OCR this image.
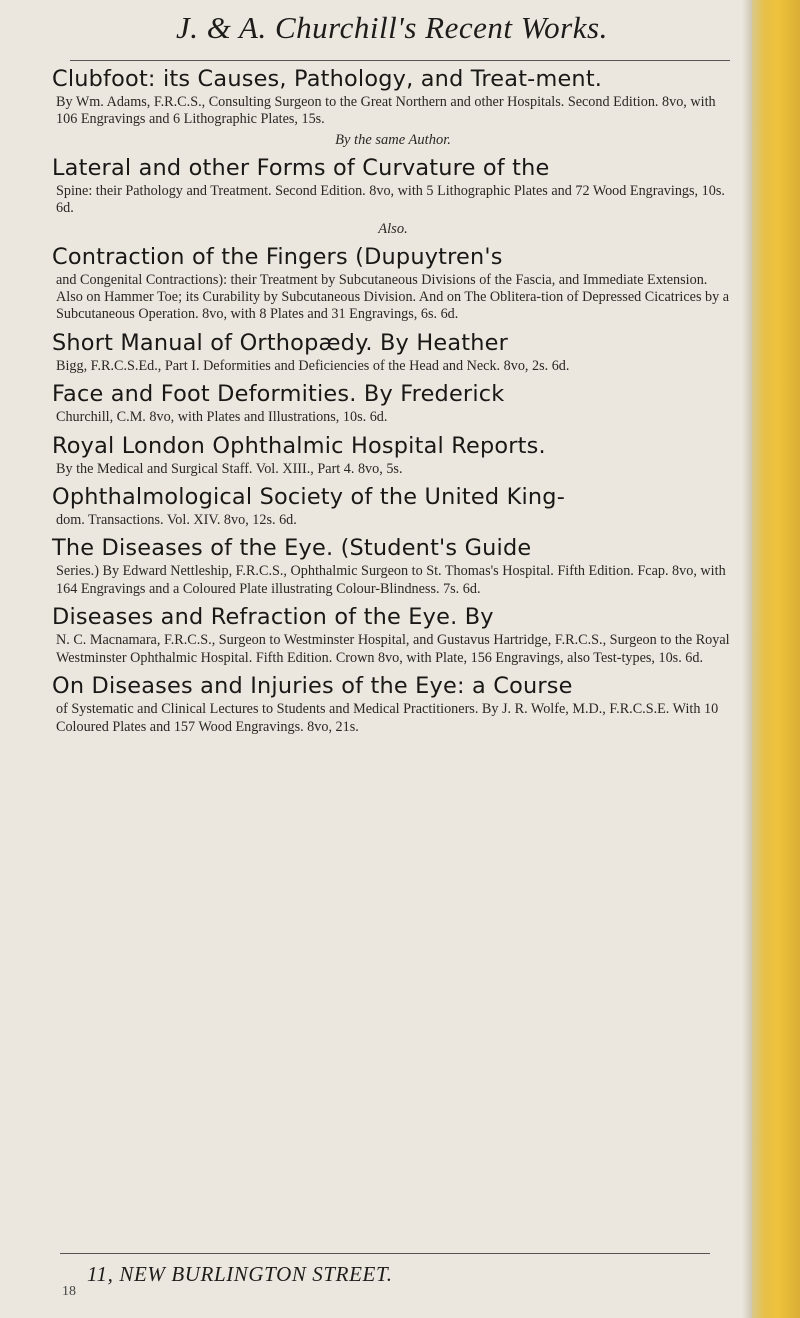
J. & A. Churchill's Recent Works.
Clubfoot: its Causes, Pathology, and Treat-ment.
By Wm. Adams, F.R.C.S., Consulting Surgeon to the Great Northern and other Hospitals. Second Edition. 8vo, with 106 Engravings and 6 Lithographic Plates, 15s.
By the same Author.
Lateral and other Forms of Curvature of the
Spine: their Pathology and Treatment. Second Edition. 8vo, with 5 Lithographic Plates and 72 Wood Engravings, 10s. 6d.
Also.
Contraction of the Fingers (Dupuytren's
and Congenital Contractions): their Treatment by Subcutaneous Divisions of the Fascia, and Immediate Extension. Also on Hammer Toe; its Curability by Subcutaneous Division. And on The Oblitera-tion of Depressed Cicatrices by a Subcutaneous Operation. 8vo, with 8 Plates and 31 Engravings, 6s. 6d.
Short Manual of Orthopædy. By Heather
Bigg, F.R.C.S.Ed., Part I. Deformities and Deficiencies of the Head and Neck. 8vo, 2s. 6d.
Face and Foot Deformities. By Frederick
Churchill, C.M. 8vo, with Plates and Illustrations, 10s. 6d.
Royal London Ophthalmic Hospital Reports.
By the Medical and Surgical Staff. Vol. XIII., Part 4. 8vo, 5s.
Ophthalmological Society of the United King-
dom. Transactions. Vol. XIV. 8vo, 12s. 6d.
The Diseases of the Eye. (Student's Guide
Series.) By Edward Nettleship, F.R.C.S., Ophthalmic Surgeon to St. Thomas's Hospital. Fifth Edition. Fcap. 8vo, with 164 Engravings and a Coloured Plate illustrating Colour-Blindness. 7s. 6d.
Diseases and Refraction of the Eye. By
N. C. Macnamara, F.R.C.S., Surgeon to Westminster Hospital, and Gustavus Hartridge, F.R.C.S., Surgeon to the Royal Westminster Ophthalmic Hospital. Fifth Edition. Crown 8vo, with Plate, 156 Engravings, also Test-types, 10s. 6d.
On Diseases and Injuries of the Eye: a Course
of Systematic and Clinical Lectures to Students and Medical Practitioners. By J. R. Wolfe, M.D., F.R.C.S.E. With 10 Coloured Plates and 157 Wood Engravings. 8vo, 21s.
18
11, NEW BURLINGTON STREET.
